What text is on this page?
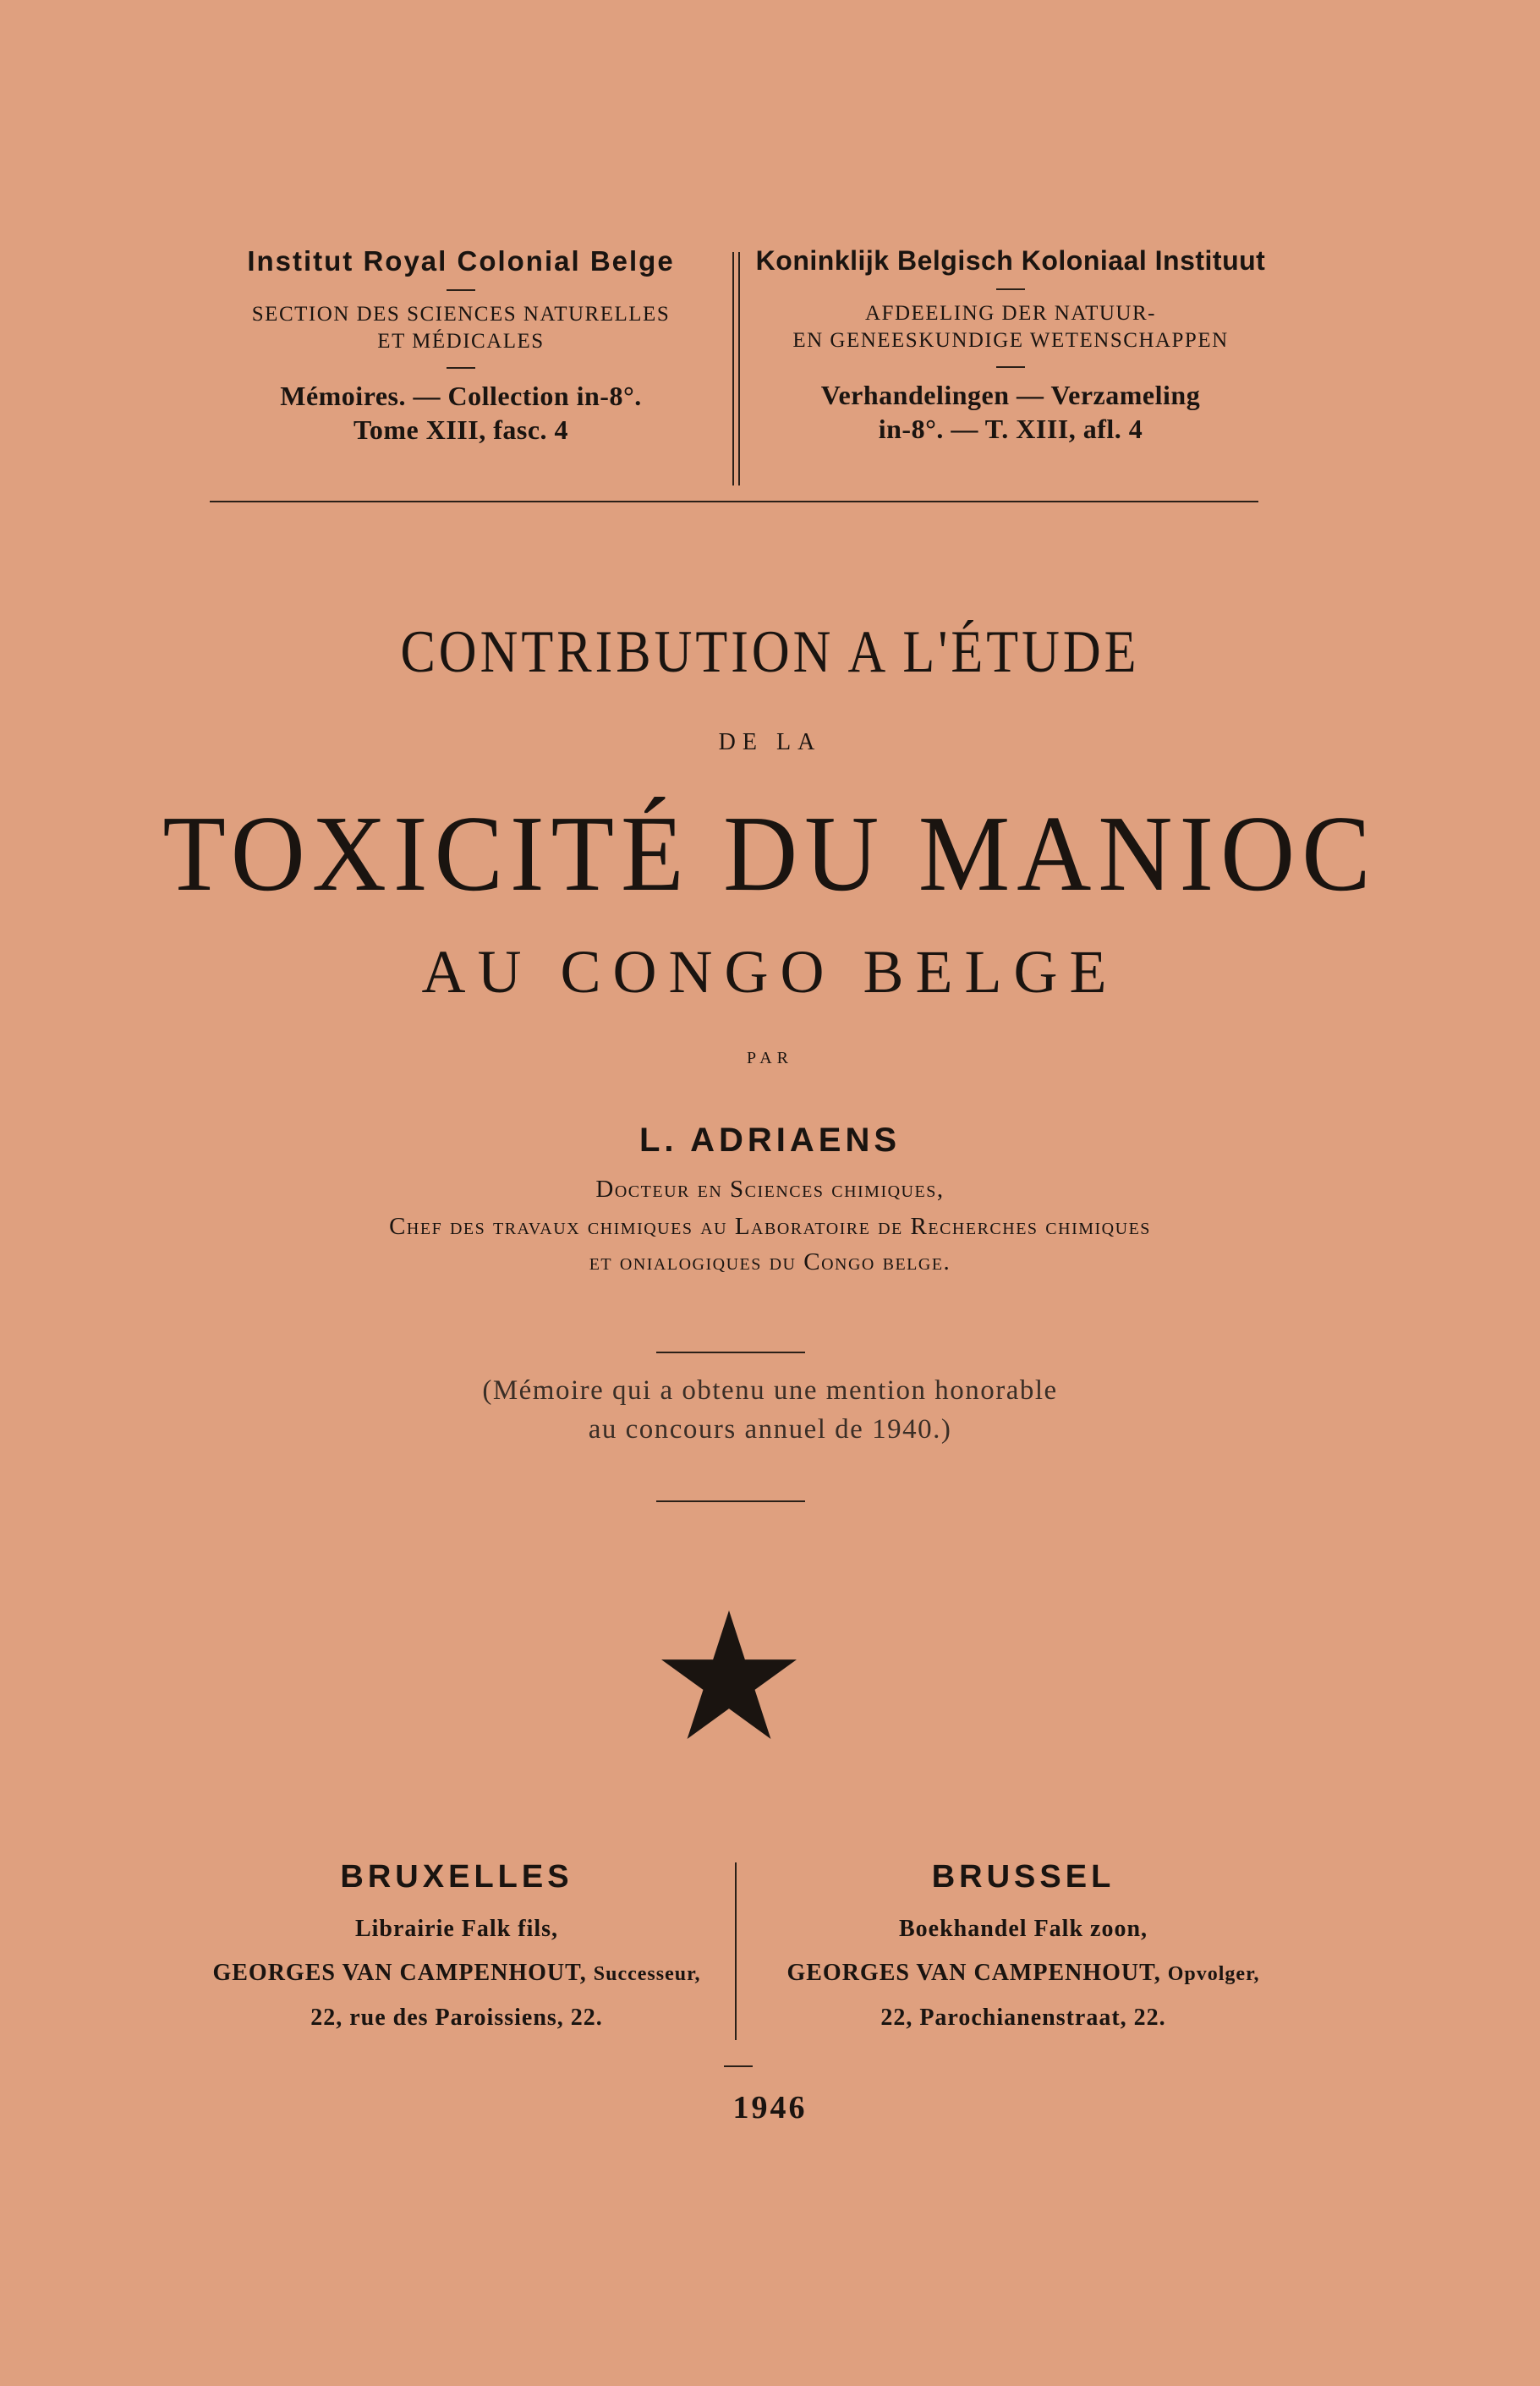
Institut Royal Colonial Belge
SECTION DES SCIENCES NATURELLES
ET MÉDICALES
Mémoires. — Collection in-8°.
Tome XIII, fasc. 4
Koninklijk Belgisch Koloniaal Instituut
AFDEELING DER NATUUR-
EN GENEESKUNDIGE WETENSCHAPPEN
Verhandelingen — Verzameling
in-8°. — T. XIII, afl. 4
CONTRIBUTION A L'ÉTUDE
DE LA
TOXICITÉ DU MANIOC
AU CONGO BELGE
PAR
L. ADRIAENS
Docteur en Sciences chimiques,
Chef des travaux chimiques au Laboratoire de Recherches chimiques
et onialogiques du Congo belge.
(Mémoire qui a obtenu une mention honorable
au concours annuel de 1940.)
BRUXELLES
Librairie Falk fils,
GEORGES VAN CAMPENHOUT, Successeur,
22, rue des Paroissiens, 22.
BRUSSEL
Boekhandel Falk zoon,
GEORGES VAN CAMPENHOUT, Opvolger,
22, Parochianenstraat, 22.
1946
